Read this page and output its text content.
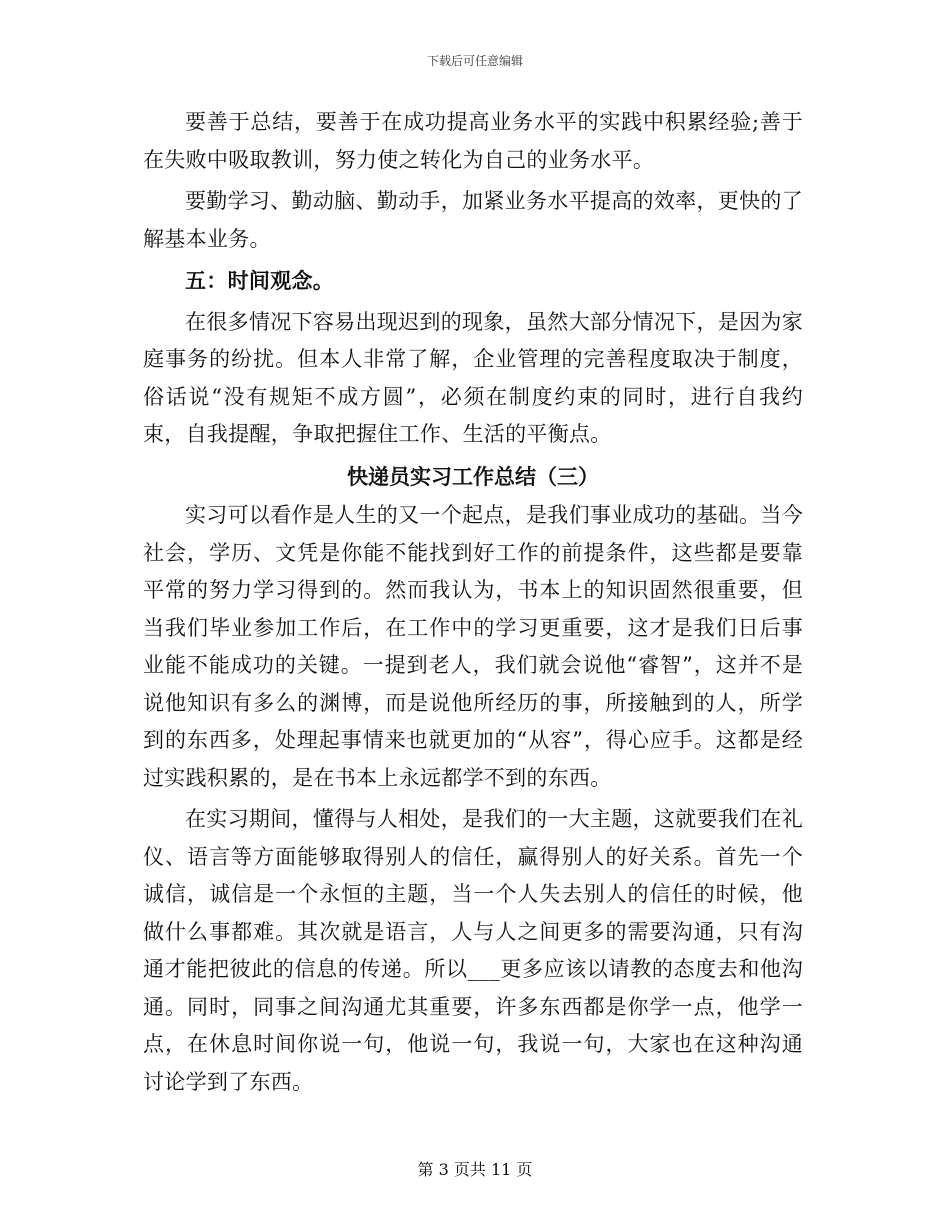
下载后可任意编辑

要善于总结，要善于在成功提高业务水平的实践中积累经验;善于在失败中吸取教训，努力使之转化为自己的业务水平。

要勤学习、勤动脑、勤动手，加紧业务水平提高的效率，更快的了解基本业务。

五：时间观念。

在很多情况下容易出现迟到的现象，虽然大部分情况下，是因为家庭事务的纷扰。但本人非常了解，企业管理的完善程度取决于制度，俗话说“没有规矩不成方圆”，必须在制度约束的同时，进行自我约束，自我提醒，争取把握住工作、生活的平衡点。

快递员实习工作总结（三）

实习可以看作是人生的又一个起点，是我们事业成功的基础。当今社会，学历、文凭是你能不能找到好工作的前提条件，这些都是要靠平常的努力学习得到的。然而我认为，书本上的知识固然很重要，但当我们毕业参加工作后，在工作中的学习更重要，这才是我们日后事业能不能成功的关键。一提到老人，我们就会说他“睿智”，这并不是说他知识有多么的渊博，而是说他所经历的事，所接触到的人，所学到的东西多，处理起事情来也就更加的“从容”，得心应手。这都是经过实践积累的，是在书本上永远都学不到的东西。

在实习期间，懂得与人相处，是我们的一大主题，这就要我们在礼仪、语言等方面能够取得别人的信任，赢得别人的好关系。首先一个诚信，诚信是一个永恒的主题，当一个人失去别人的信任的时候，他做什么事都难。其次就是语言，人与人之间更多的需要沟通，只有沟通才能把彼此的信息的传递。所以___更多应该以请教的态度去和他沟通。同时，同事之间沟通尤其重要，许多东西都是你学一点，他学一点，在休息时间你说一句，他说一句，我说一句，大家也在这种沟通讨论学到了东西。

第 3 页共 11 页
